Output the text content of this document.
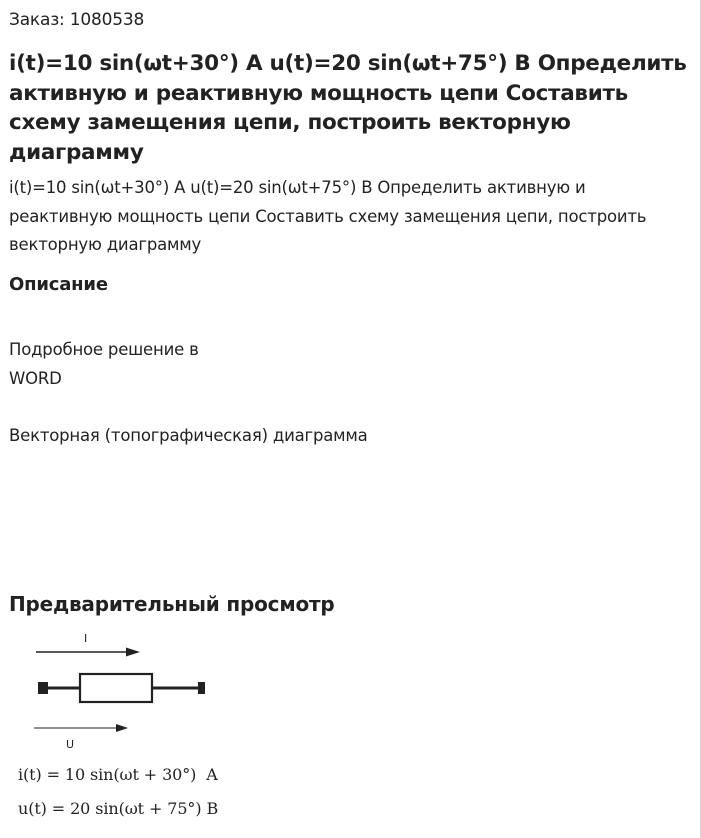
Заказ: 1080538
i(t)=10 sin(ωt+30°) А u(t)=20 sin(ωt+75°) В Определить активную и реактивную мощность цепи Составить схему замещения цепи, построить векторную диаграмму

i(t)=10 sin(ωt+30°) А u(t)=20 sin(ωt+75°) В Определить активную и реактивную мощность цепи Составить схему замещения цепи, построить векторную диаграмму

Описание

Подробное решение в

WORD

Векторная (топографическая) диаграмма

Предварительный просмотр
I
U
i(t) = 10 sin(ωt + 30°)  A
u(t) = 20 sin(ωt + 75°) В
